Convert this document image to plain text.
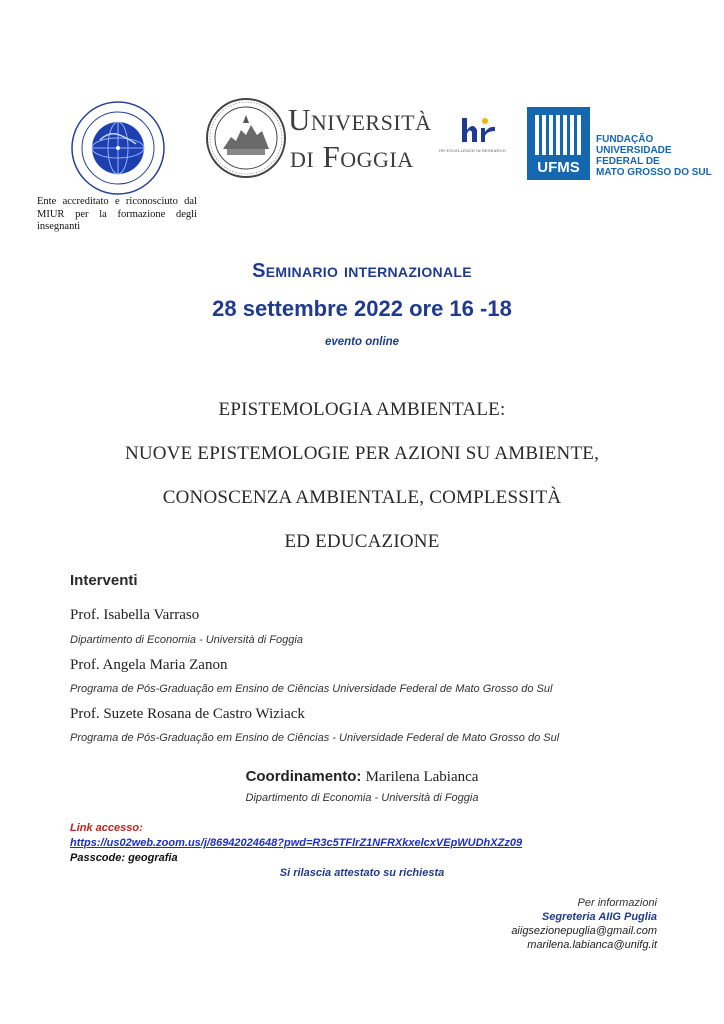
Ente accreditato e riconosciuto dal MIUR per la formazione degli insegnanti
Università
di Foggia	HR EXCELLENCE IN RESEARCH
UFMS
FUNDAÇÃO
UNIVERSIDADE
FEDERAL DE
MATO GROSSO DO SUL
Seminario internazionale
28 settembre 2022 ore 16 -18
evento online
EPISTEMOLOGIA AMBIENTALE:
NUOVE EPISTEMOLOGIE PER AZIONI SU AMBIENTE,
CONOSCENZA AMBIENTALE, COMPLESSITÀ
ED EDUCAZIONE
Interventi
Prof. Isabella Varraso
Dipartimento di Economia - Università di Foggia
Prof. Angela Maria Zanon
Programa de Pós-Graduação em Ensino de Ciências Universidade Federal de Mato Grosso do Sul
Prof. Suzete Rosana de Castro Wiziack
Programa de Pós-Graduação em Ensino de Ciências - Universidade Federal de Mato Grosso do Sul
Coordinamento: Marilena Labianca
Dipartimento di Economia - Università di Foggia
Link accesso:
https://us02web.zoom.us/j/86942024648?pwd=R3c5TFlrZ1NFRXkxelcxVEpWUDhXZz09
Passcode: geografia
Si rilascia attestato su richiesta
Per informazioni
Segreteria AIIG Puglia
aiigsezionepuglia@gmail.com
marilena.labianca@unifg.it
